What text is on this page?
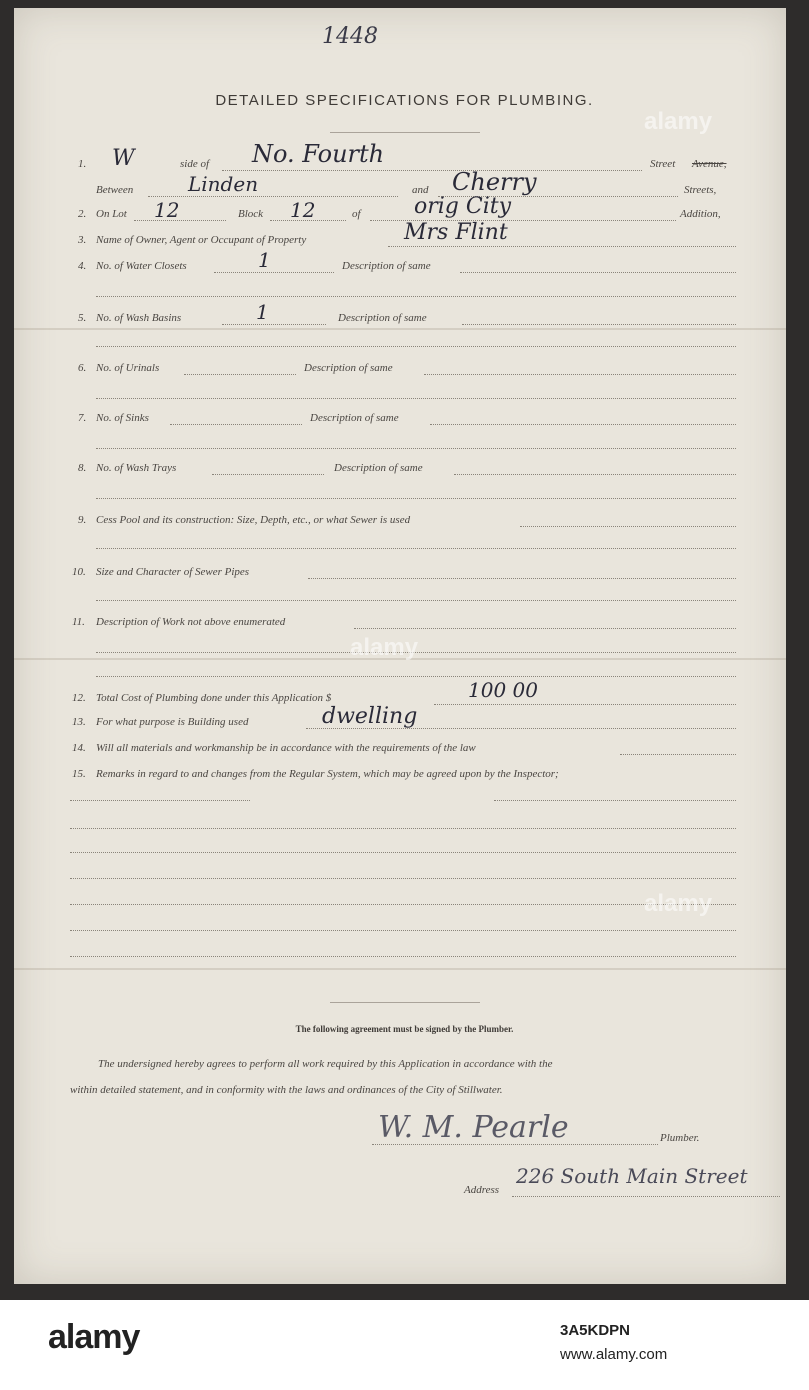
1448
DETAILED SPECIFICATIONS FOR PLUMBING.
1. W	side of No. Fourth	Street Avenue,
Between	Linden	and Cherry	Streets,
2. On Lot 12	Block 12	of orig City	Addition,
3. Name of Owner, Agent or Occupant of Property	Mrs Flint
4. No. of Water Closets	1	Description of same
5. No. of Wash Basins	1	Description of same
6. No. of Urinals	Description of same
7. No. of Sinks	Description of same
8. No. of Wash Trays	Description of same
9. Cess Pool and its construction: Size, Depth, etc., or what Sewer is used
10. Size and Character of Sewer Pipes
11. Description of Work not above enumerated
12. Total Cost of Plumbing done under this Application $	100 00
13. For what purpose is Building used	dwelling
14. Will all materials and workmanship be in accordance with the requirements of the law
15. Remarks in regard to and changes from the Regular System, which may be agreed upon by the Inspector;
The following agreement must be signed by the Plumber.
The undersigned hereby agrees to perform all work required by this Application in accordance with the
within detailed statement, and in conformity with the laws and ordinances of the City of Stillwater.
W. M. Pearle	Plumber.
Address
226 South Main Street
alamy
alamy
alamy
alamy	3A5KDPN
www.alamy.com
